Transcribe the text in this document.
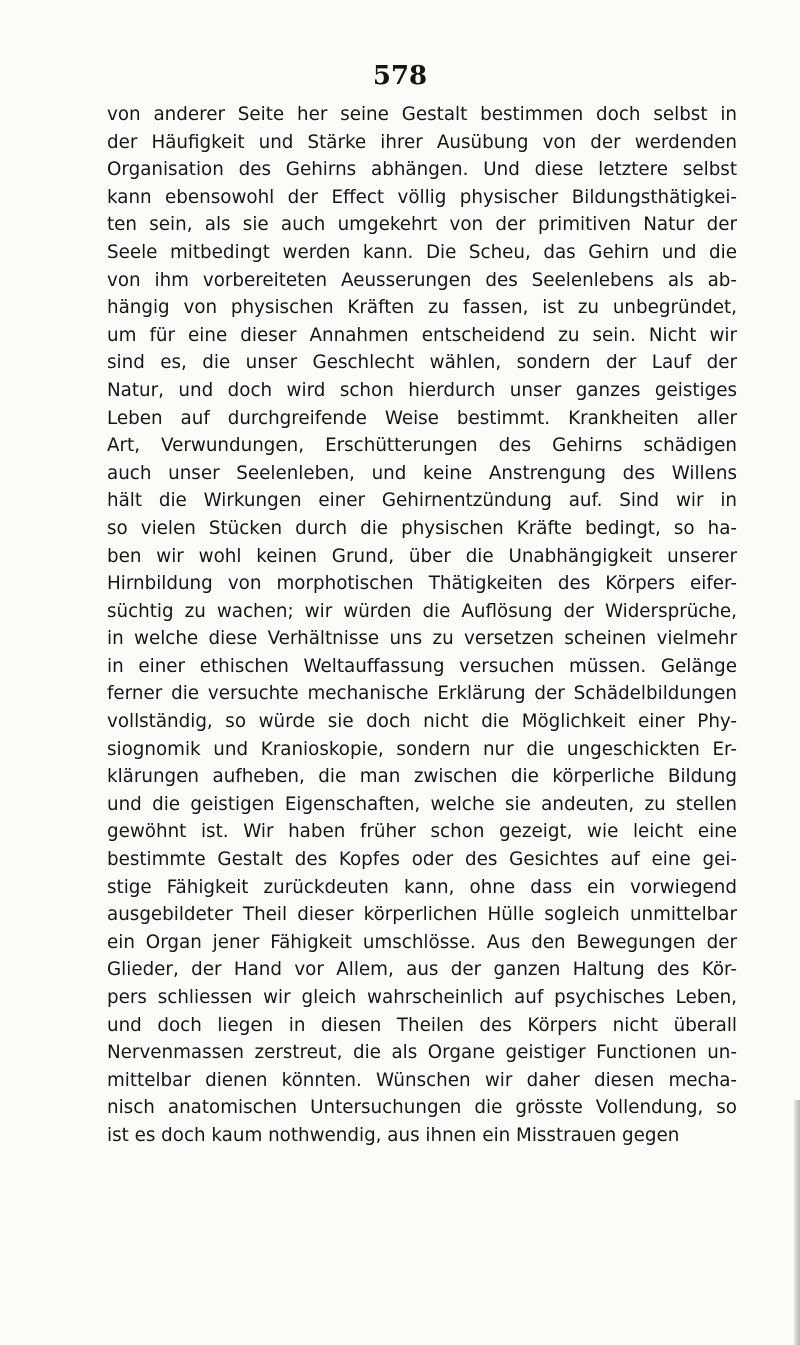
578
von anderer Seite her seine Gestalt bestimmen doch selbst in
der Häufigkeit und Stärke ihrer Ausübung von der werdenden
Organisation des Gehirns abhängen. Und diese letztere selbst
kann ebensowohl der Effect völlig physischer Bildungsthätigkei-
ten sein, als sie auch umgekehrt von der primitiven Natur der
Seele mitbedingt werden kann. Die Scheu, das Gehirn und die
von ihm vorbereiteten Aeusserungen des Seelenlebens als ab-
hängig von physischen Kräften zu fassen, ist zu unbegründet,
um für eine dieser Annahmen entscheidend zu sein. Nicht wir
sind es, die unser Geschlecht wählen, sondern der Lauf der
Natur, und doch wird schon hierdurch unser ganzes geistiges
Leben auf durchgreifende Weise bestimmt. Krankheiten aller
Art, Verwundungen, Erschütterungen des Gehirns schädigen
auch unser Seelenleben, und keine Anstrengung des Willens
hält die Wirkungen einer Gehirnentzündung auf. Sind wir in
so vielen Stücken durch die physischen Kräfte bedingt, so ha-
ben wir wohl keinen Grund, über die Unabhängigkeit unserer
Hirnbildung von morphotischen Thätigkeiten des Körpers eifer-
süchtig zu wachen; wir würden die Auflösung der Widersprüche,
in welche diese Verhältnisse uns zu versetzen scheinen vielmehr
in einer ethischen Weltauffassung versuchen müssen. Gelänge
ferner die versuchte mechanische Erklärung der Schädelbildungen
vollständig, so würde sie doch nicht die Möglichkeit einer Phy-
siognomik und Kranioskopie, sondern nur die ungeschickten Er-
klärungen aufheben, die man zwischen die körperliche Bildung
und die geistigen Eigenschaften, welche sie andeuten, zu stellen
gewöhnt ist. Wir haben früher schon gezeigt, wie leicht eine
bestimmte Gestalt des Kopfes oder des Gesichtes auf eine gei-
stige Fähigkeit zurückdeuten kann, ohne dass ein vorwiegend
ausgebildeter Theil dieser körperlichen Hülle sogleich unmittelbar
ein Organ jener Fähigkeit umschlösse. Aus den Bewegungen der
Glieder, der Hand vor Allem, aus der ganzen Haltung des Kör-
pers schliessen wir gleich wahrscheinlich auf psychisches Leben,
und doch liegen in diesen Theilen des Körpers nicht überall
Nervenmassen zerstreut, die als Organe geistiger Functionen un-
mittelbar dienen könnten. Wünschen wir daher diesen mecha-
nisch anatomischen Untersuchungen die grösste Vollendung, so
ist es doch kaum nothwendig, aus ihnen ein Misstrauen gegen
